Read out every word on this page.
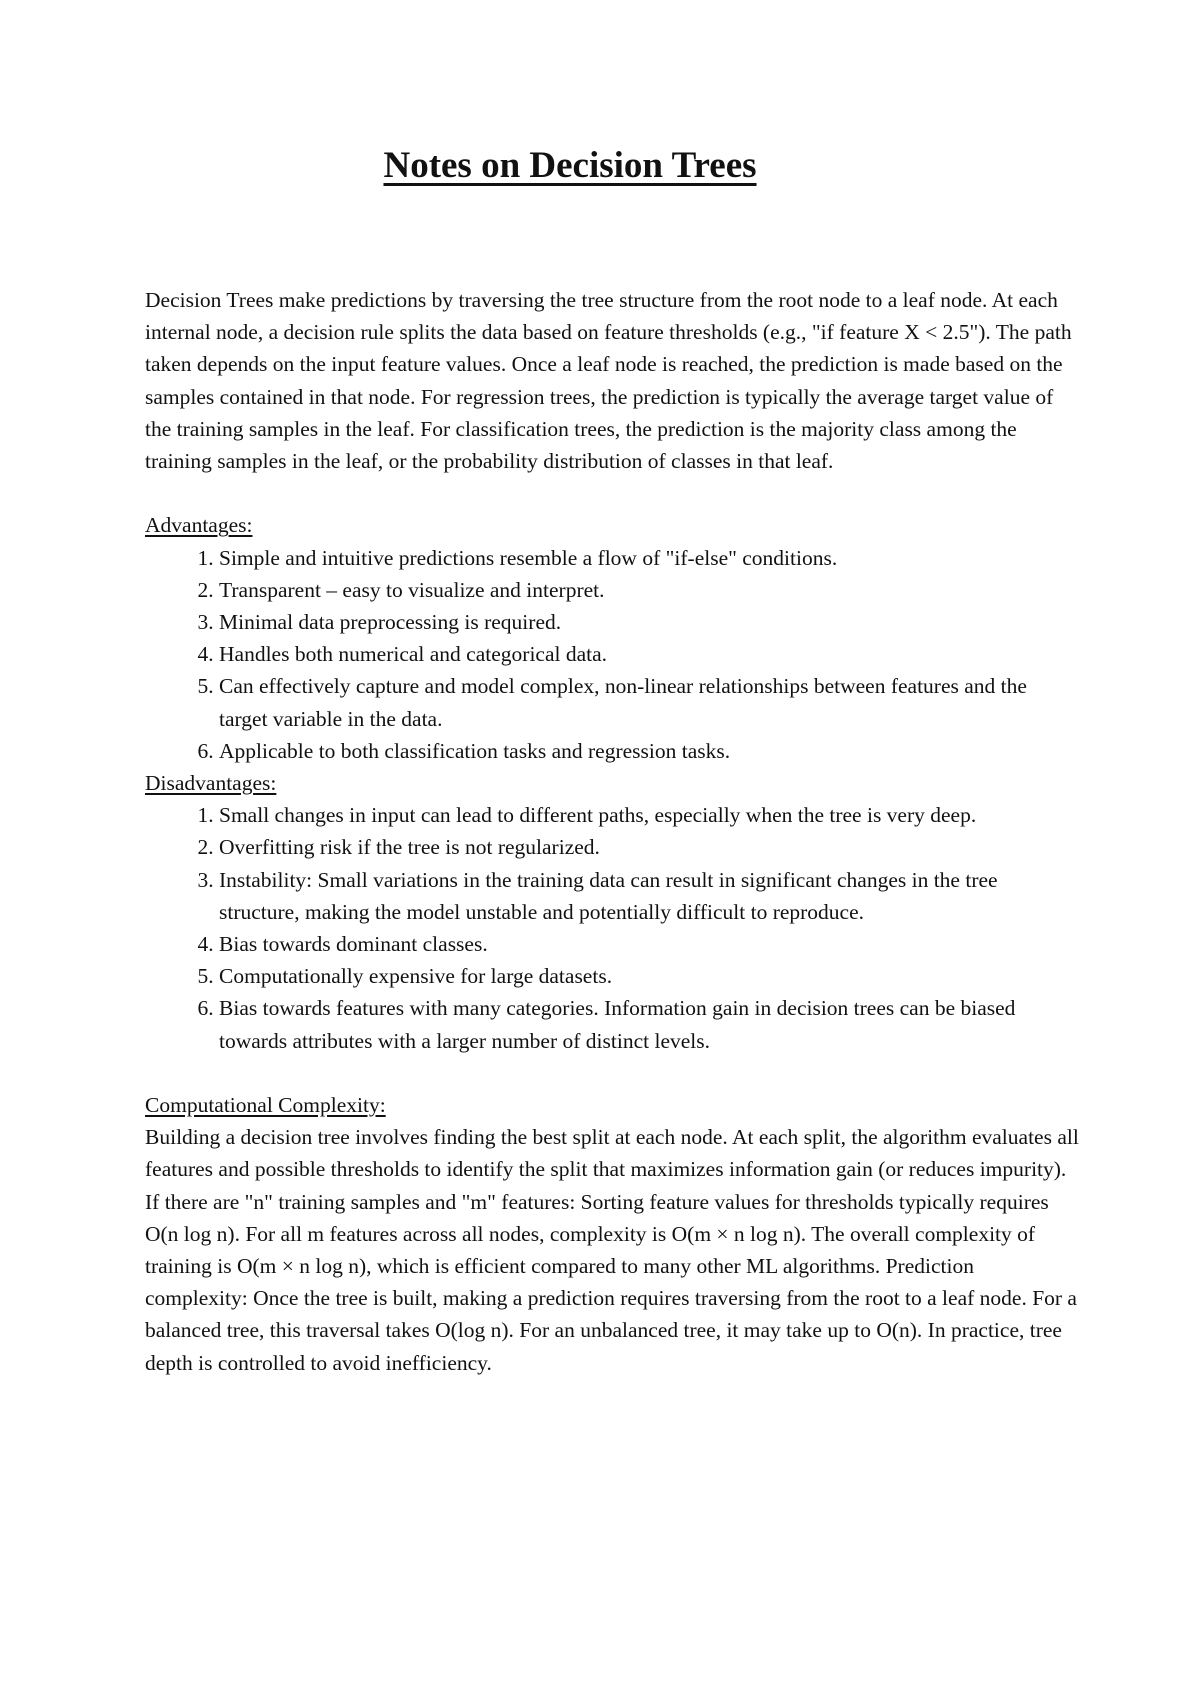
Notes on Decision Trees

Decision Trees make predictions by traversing the tree structure from the root node to a leaf node. At each internal node, a decision rule splits the data based on feature thresholds (e.g., "if feature X < 2.5"). The path taken depends on the input feature values. Once a leaf node is reached, the prediction is made based on the samples contained in that node. For regression trees, the prediction is typically the average target value of the training samples in the leaf. For classification trees, the prediction is the majority class among the training samples in the leaf, or the probability distribution of classes in that leaf.

Advantages:
1. Simple and intuitive predictions resemble a flow of "if-else" conditions.
2. Transparent – easy to visualize and interpret.
3. Minimal data preprocessing is required.
4. Handles both numerical and categorical data.
5. Can effectively capture and model complex, non-linear relationships between features and the target variable in the data.
6. Applicable to both classification tasks and regression tasks.
Disadvantages:
1. Small changes in input can lead to different paths, especially when the tree is very deep.
2. Overfitting risk if the tree is not regularized.
3. Instability: Small variations in the training data can result in significant changes in the tree structure, making the model unstable and potentially difficult to reproduce.
4. Bias towards dominant classes.
5. Computationally expensive for large datasets.
6. Bias towards features with many categories. Information gain in decision trees can be biased towards attributes with a larger number of distinct levels.
Computational Complexity:

Building a decision tree involves finding the best split at each node. At each split, the algorithm evaluates all features and possible thresholds to identify the split that maximizes information gain (or reduces impurity). If there are "n" training samples and "m" features: Sorting feature values for thresholds typically requires O(n log n). For all m features across all nodes, complexity is O(m × n log n). The overall complexity of training is O(m × n log n), which is efficient compared to many other ML algorithms. Prediction complexity: Once the tree is built, making a prediction requires traversing from the root to a leaf node. For a balanced tree, this traversal takes O(log n). For an unbalanced tree, it may take up to O(n). In practice, tree depth is controlled to avoid inefficiency.
